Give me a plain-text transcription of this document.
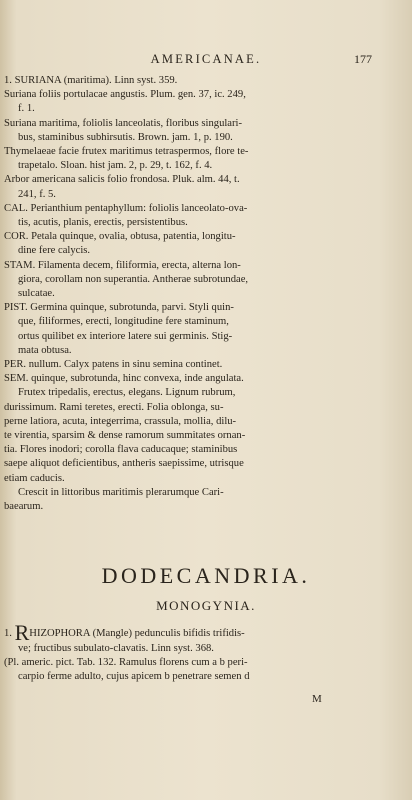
AMERICANAE.	177

1. SURIANA (maritima). Linn syst. 359.

Suriana foliis portulacae angustis. Plum. gen. 37, ic. 249,

f. 1.

Suriana maritima, foliolis lanceolatis, floribus singulari-

bus, staminibus subhirsutis. Brown. jam. 1, p. 190.

Thymelaeae facie frutex maritimus tetraspermos, flore te-

trapetalo. Sloan. hist jam. 2, p. 29, t. 162, f. 4.

Arbor americana salicis folio frondosa. Pluk. alm. 44, t.

241, f. 5.

CAL. Perianthium pentaphyllum: foliolis lanceolato-ova-

tis, acutis, planis, erectis, persistentibus.

COR. Petala quinque, ovalia, obtusa, patentia, longitu-

dine fere calycis.

STAM. Filamenta decem, filiformia, erecta, alterna lon-

giora, corollam non superantia. Antherae subrotundae,

sulcatae.

PIST. Germina quinque, subrotunda, parvi. Styli quin-

que, filiformes, erecti, longitudine fere staminum,

ortus quilibet ex interiore latere sui germinis. Stig-

mata obtusa.

PER. nullum. Calyx patens in sinu semina continet.

SEM. quinque, subrotunda, hinc convexa, inde angulata.

Frutex tripedalis, erectus, elegans. Lignum rubrum,

durissimum. Rami teretes, erecti. Folia oblonga, su-

perne latiora, acuta, integerrima, crassula, mollia, dilu-

te virentia, sparsim & dense ramorum summitates ornan-

tia. Flores inodori; corolla flava caducaque; staminibus

saepe aliquot deficientibus, antheris saepissime, utrisque

etiam caducis.

Crescit in littoribus maritimis plerarumque Cari-

baearum.

DODECANDRIA.
MONOGYNIA.

1. RHIZOPHORA (Mangle) pedunculis bifidis trifidis-

ve; fructibus subulato-clavatis. Linn syst. 368.

(Pl. americ. pict. Tab. 132. Ramulus florens cum a b peri-

carpio ferme adulto, cujus apicem b penetrare semen d

M
